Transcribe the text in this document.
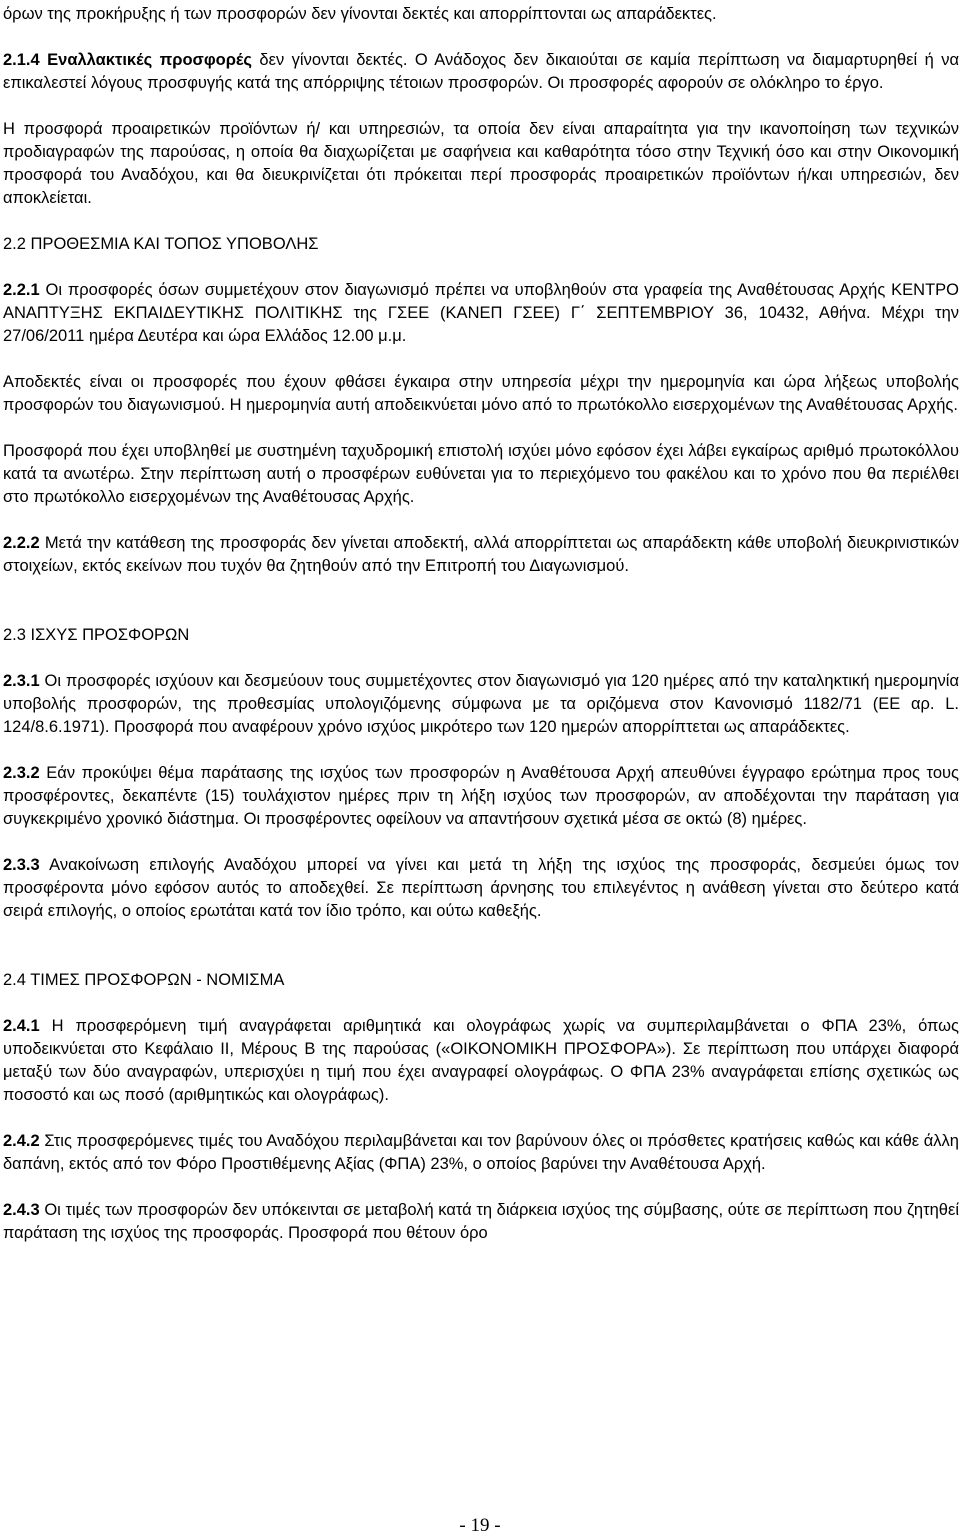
όρων της προκήρυξης ή των προσφορών δεν γίνονται δεκτές και απορρίπτονται ως απαράδεκτες.

2.1.4 Εναλλακτικές προσφορές δεν γίνονται δεκτές. Ο Ανάδοχος δεν δικαιούται σε καμία περίπτωση να διαμαρτυρηθεί ή να επικαλεστεί λόγους προσφυγής κατά της απόρριψης τέτοιων προσφορών. Οι προσφορές αφορούν σε ολόκληρο το έργο.

Η προσφορά προαιρετικών προϊόντων ή/ και υπηρεσιών, τα οποία δεν είναι απαραίτητα για την ικανοποίηση των τεχνικών προδιαγραφών της παρούσας, η οποία θα διαχωρίζεται με σαφήνεια και καθαρότητα τόσο στην Τεχνική όσο και στην Οικονομική προσφορά του Αναδόχου, και θα διευκρινίζεται ότι πρόκειται περί προσφοράς προαιρετικών προϊόντων ή/και υπηρεσιών, δεν αποκλείεται.

2.2 ΠΡΟΘΕΣΜΙΑ ΚΑΙ ΤΟΠΟΣ ΥΠΟΒΟΛΗΣ

2.2.1 Οι προσφορές όσων συμμετέχουν στον διαγωνισμό πρέπει να υποβληθούν στα γραφεία της Αναθέτουσας Αρχής ΚΕΝΤΡΟ ΑΝΑΠΤΥΞΗΣ ΕΚΠΑΙΔΕΥΤΙΚΗΣ ΠΟΛΙΤΙΚΗΣ της ΓΣΕΕ (ΚΑΝΕΠ ΓΣΕΕ) Γ΄ ΣΕΠΤΕΜΒΡΙΟΥ 36, 10432, Αθήνα. Μέχρι την 27/06/2011 ημέρα Δευτέρα και ώρα Ελλάδος 12.00 μ.μ.

Αποδεκτές είναι οι προσφορές που έχουν φθάσει έγκαιρα στην υπηρεσία μέχρι την ημερομηνία και ώρα λήξεως υποβολής προσφορών του διαγωνισμού. Η ημερομηνία αυτή αποδεικνύεται μόνο από το πρωτόκολλο εισερχομένων της Αναθέτουσας Αρχής.

Προσφορά που έχει υποβληθεί με συστημένη ταχυδρομική επιστολή ισχύει μόνο εφόσον έχει λάβει εγκαίρως αριθμό πρωτοκόλλου κατά τα ανωτέρω. Στην περίπτωση αυτή ο προσφέρων ευθύνεται για το περιεχόμενο του φακέλου και το χρόνο που θα περιέλθει στο πρωτόκολλο εισερχομένων της Αναθέτουσας Αρχής.

2.2.2 Μετά την κατάθεση της προσφοράς δεν γίνεται αποδεκτή, αλλά απορρίπτεται ως απαράδεκτη κάθε υποβολή διευκρινιστικών στοιχείων, εκτός εκείνων που τυχόν θα ζητηθούν από την Επιτροπή του Διαγωνισμού.

2.3 ΙΣΧΥΣ ΠΡΟΣΦΟΡΩΝ

2.3.1 Οι προσφορές ισχύουν και δεσμεύουν τους συμμετέχοντες στον διαγωνισμό για 120 ημέρες από την καταληκτική ημερομηνία υποβολής προσφορών, της προθεσμίας υπολογιζόμενης σύμφωνα με τα οριζόμενα στον Κανονισμό 1182/71 (ΕΕ αρ. L. 124/8.6.1971). Προσφορά που αναφέρουν χρόνο ισχύος μικρότερο των 120 ημερών απορρίπτεται ως απαράδεκτες.

2.3.2 Εάν προκύψει θέμα παράτασης της ισχύος των προσφορών η Αναθέτουσα Αρχή απευθύνει έγγραφο ερώτημα προς τους προσφέροντες, δεκαπέντε (15) τουλάχιστον ημέρες πριν τη λήξη ισχύος των προσφορών, αν αποδέχονται την παράταση για συγκεκριμένο χρονικό διάστημα. Οι προσφέροντες οφείλουν να απαντήσουν σχετικά μέσα σε οκτώ (8) ημέρες.

2.3.3 Ανακοίνωση επιλογής Αναδόχου μπορεί να γίνει και μετά τη λήξη της ισχύος της προσφοράς, δεσμεύει όμως τον προσφέροντα μόνο εφόσον αυτός το αποδεχθεί. Σε περίπτωση άρνησης του επιλεγέντος η ανάθεση γίνεται στο δεύτερο κατά σειρά επιλογής, ο οποίος ερωτάται κατά τον ίδιο τρόπο, και ούτω καθεξής.

2.4 ΤΙΜΕΣ ΠΡΟΣΦΟΡΩΝ - ΝΟΜΙΣΜΑ

2.4.1 Η προσφερόμενη τιμή αναγράφεται αριθμητικά και ολογράφως χωρίς να συμπεριλαμβάνεται ο ΦΠΑ 23%, όπως υποδεικνύεται στο Κεφάλαιο ΙΙ, Μέρους Β της παρούσας («ΟΙΚΟΝΟΜΙΚΗ ΠΡΟΣΦΟΡΑ»). Σε περίπτωση που υπάρχει διαφορά μεταξύ των δύο αναγραφών, υπερισχύει η τιμή που έχει αναγραφεί ολογράφως. Ο ΦΠΑ 23% αναγράφεται επίσης σχετικώς ως ποσοστό και ως ποσό (αριθμητικώς και ολογράφως).

2.4.2 Στις προσφερόμενες τιμές του Αναδόχου περιλαμβάνεται και τον βαρύνουν όλες οι πρόσθετες κρατήσεις καθώς και κάθε άλλη δαπάνη, εκτός από τον Φόρο Προστιθέμενης Αξίας (ΦΠΑ) 23%, ο οποίος βαρύνει την Αναθέτουσα Αρχή.

2.4.3 Οι τιμές των προσφορών δεν υπόκεινται σε μεταβολή κατά τη διάρκεια ισχύος της σύμβασης, ούτε σε περίπτωση που ζητηθεί παράταση της ισχύος της προσφοράς. Προσφορά που θέτουν όρο

- 19 -
